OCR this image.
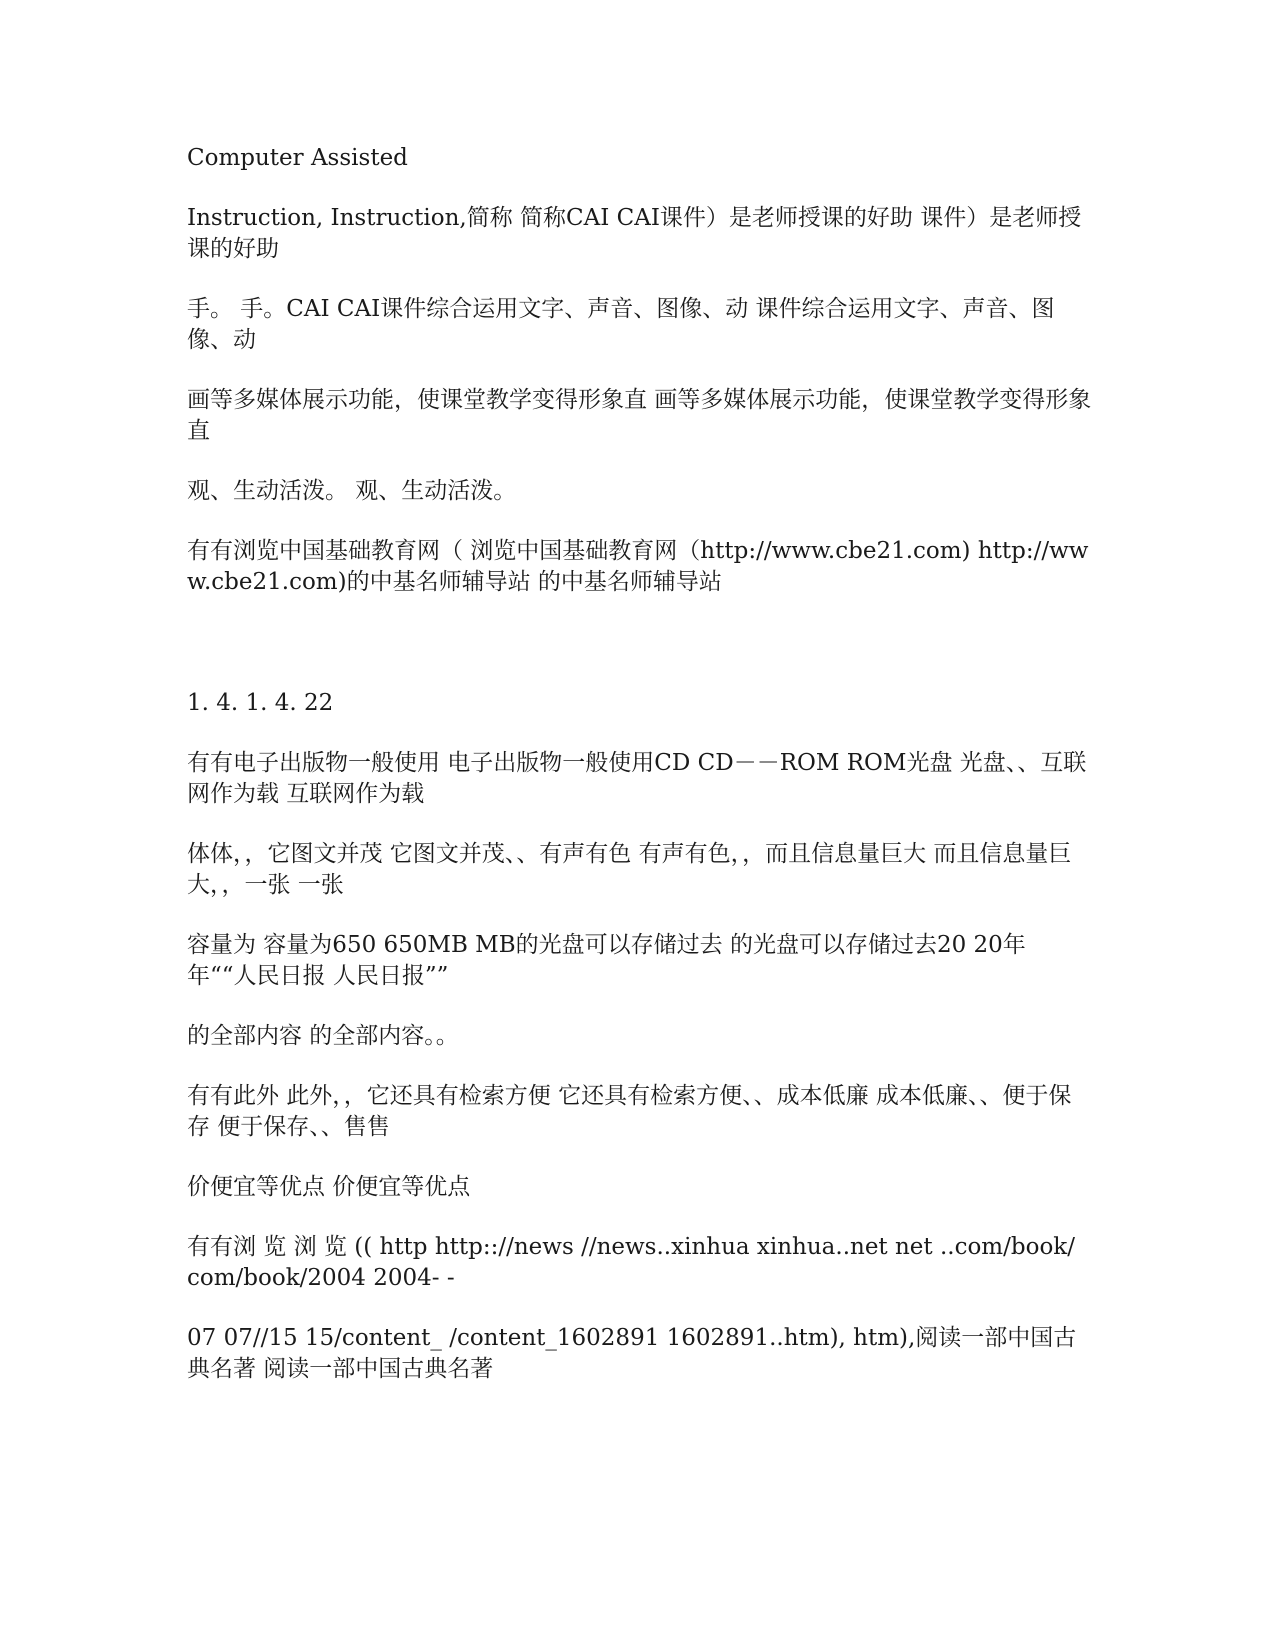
Computer Assisted

Instruction, Instruction,简称 简称CAI CAI课件）是老师授课的好助 课件）是老师授课的好助

手。 手。CAI CAI课件综合运用文字、声音、图像、动 课件综合运用文字、声音、图像、动

画等多媒体展示功能，使课堂教学变得形象直 画等多媒体展示功能，使课堂教学变得形象直

观、生动活泼。 观、生动活泼。

有有浏览中国基础教育网（ 浏览中国基础教育网（http://www.cbe21.com) http://www.cbe21.com)的中基名师辅导站 的中基名师辅导站

1. 4. 1. 4. 22

有有电子出版物一般使用 电子出版物一般使用CD CD－－ROM ROM光盘 光盘、、互联网作为载 互联网作为载

体体，，它图文并茂 它图文并茂、、有声有色 有声有色，，而且信息量巨大 而且信息量巨大，，一张 一张

容量为 容量为650 650MB MB的光盘可以存储过去 的光盘可以存储过去20 20年年““人民日报 人民日报””

的全部内容 的全部内容。。

有有此外 此外，，它还具有检索方便 它还具有检索方便、、成本低廉 成本低廉、、便于保存 便于保存、、售售

价便宜等优点 价便宜等优点

有有浏 览 浏 览 (( http http:://news //news..xinhua xinhua..net net ..com/book/ com/book/2004 2004- -

07 07//15 15/content_ /content_1602891 1602891..htm), htm),阅读一部中国古典名著 阅读一部中国古典名著
